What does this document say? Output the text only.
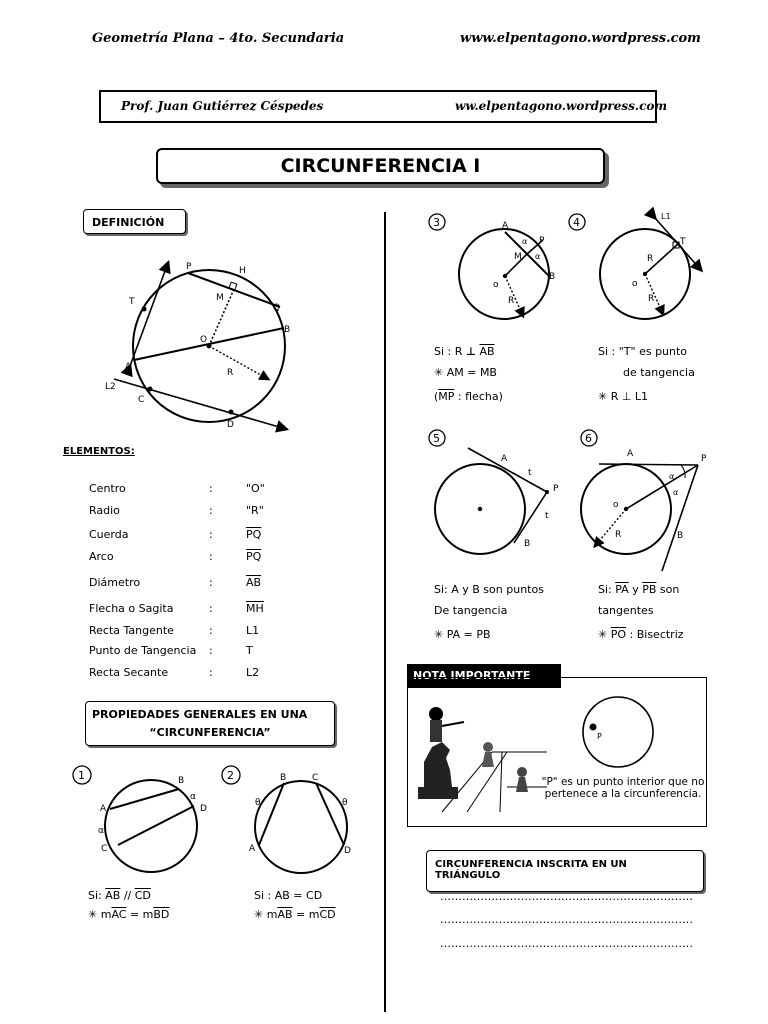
Geometría Plana – 4to. Secundaria	www.elpentagono.wordpress.com
Prof. Juan Gutiérrez Céspedes	ww.elpentagono.wordpress.com
CIRCUNFERENCIA I
DEFINICIÓN
P	H
T	M
Q
O
B
A
R
L2
C
D
ELEMENTOS:
Centro	:	"O"
Radio	:	"R"
Cuerda	:	$\overline{PQ}$
Arco	:	$\overline{PQ}$
Diámetro	:	$\overline{AB}$
Flecha o Sagita	:	$\overline{MH}$
Recta Tangente	:	L1
Punto de Tangencia :	T
Recta Secante	:	L2
PROPIEDADES GENERALES EN UNA
“CIRCUNFERENCIA”
1	B
A	D
C
α
α
Si: $\overline{AB} // \overline{CD}$
✳ $m\overline{AC} = m\overline{BD}$
2	B	C
A	D
θ	θ
Si : AB = CD
✳ $m\overline{AB} = m\overline{CD}$
3	A
P
B
M
o
R
α
α
Si : R ⊥ $\overline{AB}$
✳ AM = MB
($\overline{MP}$ : flecha)
4	L1
T
R
o
R
Si : "T" es punto
de tangencia
✳ R ⊥ L1
5
A
t
P
t
B
Si: A y B son puntos
De tangencia
✳ PA = PB
6
A	P
α
α
o
R	B
Si: $\overline{PA}$ y $\overline{PB}$ son
tangentes
✳ $\overline{PO}$ : Bisectriz
NOTA IMPORTANTE
P
"P" es un punto interior que no
pertenece a la circunferencia.
CIRCUNFERENCIA INSCRITA EN UN TRIÁNGULO
……………………………………………………………
……………………………………………………………
……………………………………………………………
